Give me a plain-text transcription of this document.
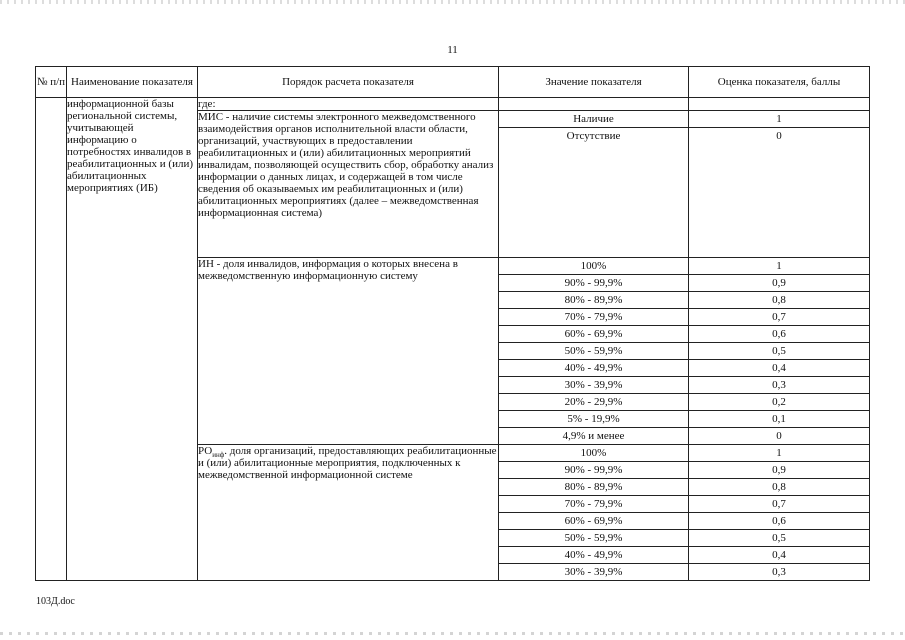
11
№ п/п	Наименование показателя	Порядок расчета показателя	Значение показателя	Оценка показателя, баллы
	информационной базы региональной системы, учитывающей информацию о потребностях инвалидов в реабилитационных и (или) абилитационных мероприятиях (ИБ)	где:		
		МИС - наличие системы электронного межведомственного взаимодействия органов исполнительной власти области, организаций, участвующих в предоставлении реабилитационных и (или) абилитационных мероприятий инвалидам, позволяющей осуществить сбор, обработку анализ информации о данных лицах, и содержащей в том числе сведения об оказываемых им реабилитационных и (или) абилитационных мероприятиях (далее – межведомственная информационная система)	Наличие	1
			Отсутствие	0
		ИН - доля инвалидов, информация о которых внесена в межведомственную информационную систему	100%	1
			90% - 99,9%	0,9
			80% - 89,9%	0,8
			70% - 79,9%	0,7
			60% - 69,9%	0,6
			50% - 59,9%	0,5
			40% - 49,9%	0,4
			30% - 39,9%	0,3
			20% - 29,9%	0,2
			5% - 19,9%	0,1
			4,9% и менее	0
		$РО_{инф}$. доля организаций, предоставляющих реабилитационные и (или) абилитационные мероприятия, подключенных к межведомственной информационной системе	100%	1
			90% - 99,9%	0,9
			80% - 89,9%	0,8
			70% - 79,9%	0,7
			60% - 69,9%	0,6
			50% - 59,9%	0,5
			40% - 49,9%	0,4
			30% - 39,9%	0,3
103Д.doc
